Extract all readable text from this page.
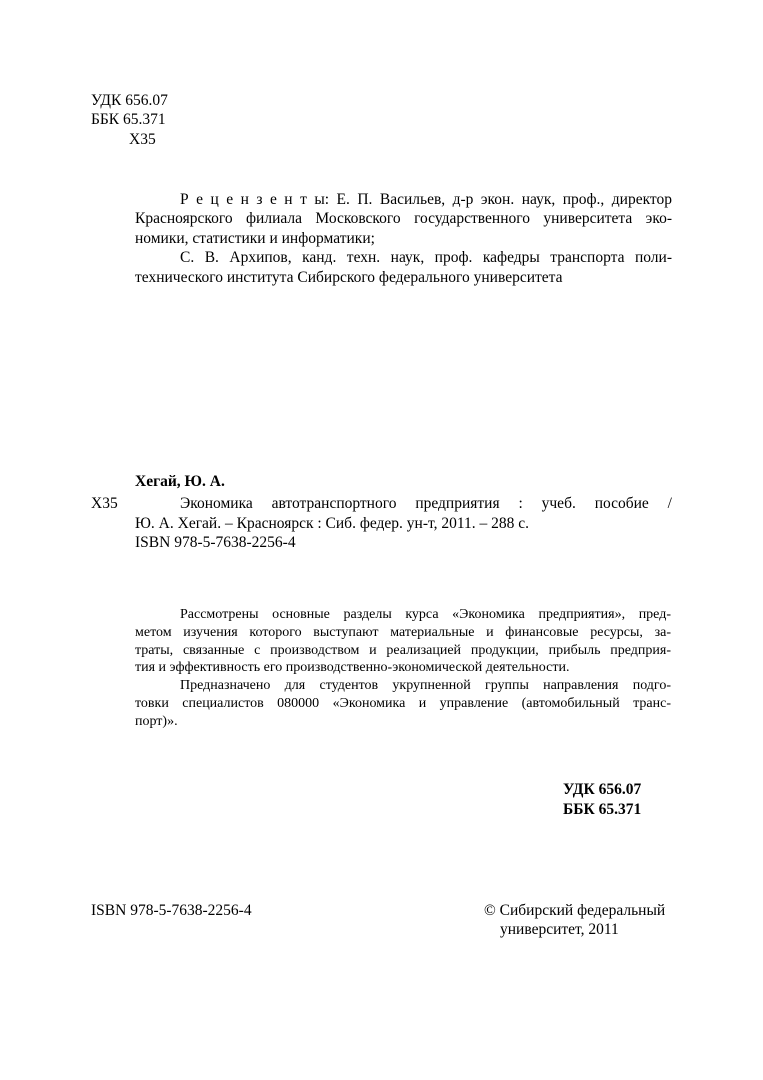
УДК 656.07
ББК 65.371
Х35
Р е ц е н з е н т ы: Е. П. Васильев, д-р экон. наук, проф., директор
Красноярского филиала Московского государственного университета эко-
номики, статистики и информатики;
С. В. Архипов, канд. техн. наук, проф. кафедры транспорта поли-
технического института Сибирского федерального университета
Хегай, Ю. А.
Х35	Экономика автотранспортного предприятия : учеб. пособие /
Ю. А. Хегай. – Красноярск : Сиб. федер. ун-т, 2011. – 288 с.
ISBN 978-5-7638-2256-4
Рассмотрены основные разделы курса «Экономика предприятия», пред-
метом изучения которого выступают материальные и финансовые ресурсы, за-
траты, связанные с производством и реализацией продукции, прибыль предприя-
тия и эффективность его производственно-экономической деятельности.
Предназначено для студентов укрупненной группы направления подго-
товки специалистов 080000 «Экономика и управление (автомобильный транс-
порт)».
УДК 656.07
ББК 65.371
ISBN 978-5-7638-2256-4	© Сибирский федеральный
университет, 2011
